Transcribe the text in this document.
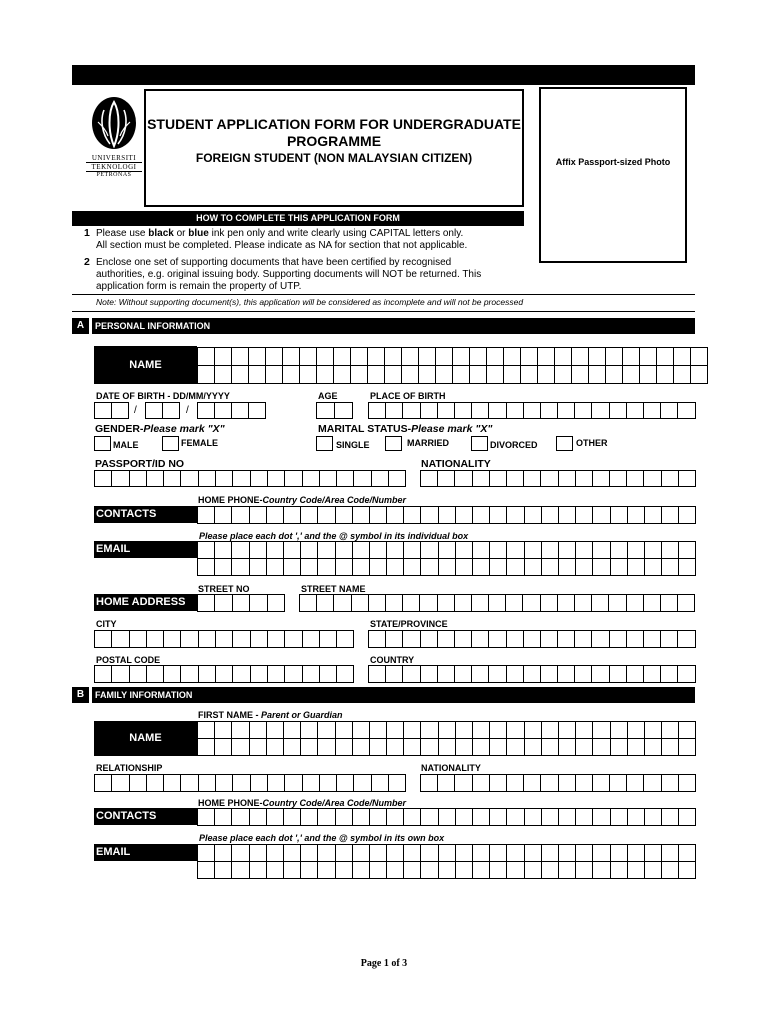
UNIVERSITI
TEKNOLOGI
PETRONAS
STUDENT APPLICATION FORM FOR UNDERGRADUATE
PROGRAMME
FOREIGN STUDENT (NON MALAYSIAN CITIZEN)	Affix Passport-sized Photo
HOW TO COMPLETE THIS APPLICATION FORM
1 Please use black or blue ink pen only and write clearly using CAPITAL letters only.
All section must be completed. Please indicate as NA for section that not applicable.
2 Enclose one set of supporting documents that have been certified by recognised
authorities, e.g. original issuing body. Supporting documents will NOT be returned. This
application form is remain the property of UTP.
Note: Without supporting document(s), this application will be considered as incomplete and will not be processed
A	PERSONAL INFORMATION
NAME
DATE OF BIRTH - DD/MM/YYYY
/	/
AGE	PLACE OF BIRTH
GENDER-Please mark "X"
MALE	FEMALE
MARITAL STATUS-Please mark "X"
SINGLE	MARRIED	DIVORCED	OTHER
PASSPORT/ID NO	NATIONALITY
HOME PHONE-Country Code/Area Code/Number
CONTACTS
Please place each dot ',' and the @ symbol in its individual box
EMAIL
STREET NO	STREET NAME
HOME ADDRESS
CITY	STATE/PROVINCE
POSTAL CODE	COUNTRY
B	FAMILY INFORMATION
FIRST NAME - Parent or Guardian
NAME
RELATIONSHIP	NATIONALITY
HOME PHONE-Country Code/Area Code/Number
CONTACTS
Please place each dot ',' and the @ symbol in its own box
EMAIL
Page 1 of 3
